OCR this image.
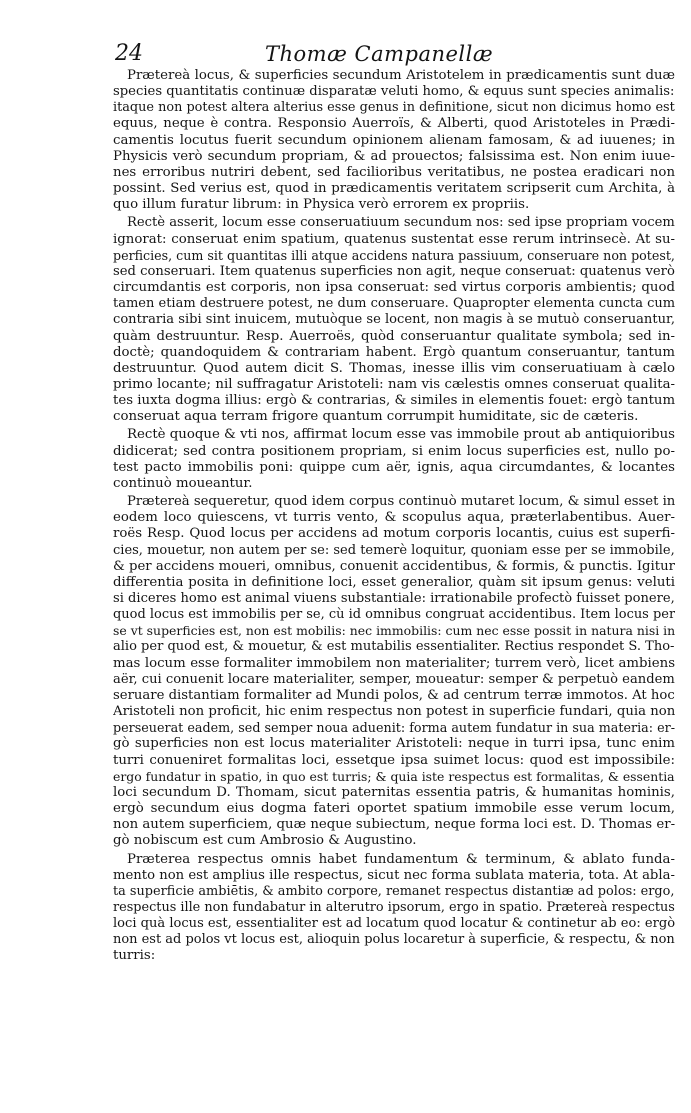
24	Thomæ Campanellæ

Prætereà locus, & superficies secundum Aristotelem in prædicamentis sunt duæ
species quantitatis continuæ disparatæ veluti homo, & equus sunt species animalis:
itaque non potest altera alterius esse genus in definitione, sicut non dicimus homo est
equus, neque è contra. Responsio Auerroïs, & Alberti, quod Aristoteles in Prædi-
camentis locutus fuerit secundum opinionem alienam famosam, & ad iuuenes; in
Physicis verò secundum propriam, & ad prouectos; falsissima est. Non enim iuue-
nes erroribus nutriri debent, sed facilioribus veritatibus, ne postea eradicari non
possint. Sed verius est, quod in prædicamentis veritatem scripserit cum Archita, à
quo illum furatur librum: in Physica verò errorem ex propriis.

Rectè asserit, locum esse conseruatiuum secundum nos: sed ipse propriam vocem
ignorat: conseruat enim spatium, quatenus sustentat esse rerum intrinsecè. At su-
perficies, cum sit quantitas illi atque accidens natura passiuum, conseruare non potest,
sed conseruari. Item quatenus superficies non agit, neque conseruat: quatenus verò
circumdantis est corporis, non ipsa conseruat: sed virtus corporis ambientis; quod
tamen etiam destruere potest, ne dum conseruare. Quapropter elementa cuncta cum
contraria sibi sint inuicem, mutuòque se locent, non magis à se mutuò conseruantur,
quàm destruuntur. Resp. Auerroës, quòd conseruantur qualitate symbola; sed in-
doctè; quandoquidem & contrariam habent. Ergò quantum conseruantur, tantum
destruuntur. Quod autem dicit S. Thomas, inesse illis vim conseruatiuam à cælo
primo locante; nil suffragatur Aristoteli: nam vis cælestis omnes conseruat qualita-
tes iuxta dogma illius: ergò & contrarias, & similes in elementis fouet: ergò tantum
conseruat aqua terram frigore quantum corrumpit humiditate, sic de cæteris.

Rectè quoque & vti nos, affirmat locum esse vas immobile prout ab antiquioribus
didicerat; sed contra positionem propriam, si enim locus superficies est, nullo po-
test pacto immobilis poni: quippe cum aër, ignis, aqua circumdantes, & locantes
continuò moueantur.

Prætereà sequeretur, quod idem corpus continuò mutaret locum, & simul esset in
eodem loco quiescens, vt turris vento, & scopulus aqua, præterlabentibus. Auer-
roës Resp. Quod locus per accidens ad motum corporis locantis, cuius est superfi-
cies, mouetur, non autem per se: sed temerè loquitur, quoniam esse per se immobile,
& per accidens moueri, omnibus, conuenit accidentibus, & formis, & punctis. Igitur
differentia posita in definitione loci, esset generalior, quàm sit ipsum genus: veluti
si diceres homo est animal viuens substantiale: irrationabile profectò fuisset ponere,
quod locus est immobilis per se, cù id omnibus congruat accidentibus. Item locus per
se vt superficies est, non est mobilis: nec immobilis: cum nec esse possit in natura nisi in
alio per quod est, & mouetur, & est mutabilis essentialiter. Rectius respondet S. Tho-
mas locum esse formaliter immobilem non materialiter; turrem verò, licet ambiens
aër, cui conuenit locare materialiter, semper, moueatur: semper & perpetuò eandem
seruare distantiam formaliter ad Mundi polos, & ad centrum terræ immotos. At hoc
Aristoteli non proficit, hic enim respectus non potest in superficie fundari, quia non
perseuerat eadem, sed semper noua aduenit: forma autem fundatur in sua materia: er-
gò superficies non est locus materialiter Aristoteli: neque in turri ipsa, tunc enim
turri conueniret formalitas loci, essetque ipsa suimet locus: quod est impossibile:
ergo fundatur in spatio, in quo est turris; & quia iste respectus est formalitas, & essentia
loci secundum D. Thomam, sicut paternitas essentia patris, & humanitas hominis,
ergò secundum eius dogma fateri oportet spatium immobile esse verum locum,
non autem superficiem, quæ neque subiectum, neque forma loci est. D. Thomas er-
gò nobiscum est cum Ambrosio & Augustino.

Præterea respectus omnis habet fundamentum & terminum, & ablato funda-
mento non est amplius ille respectus, sicut nec forma sublata materia, tota. At abla-
ta superficie ambiētis, & ambito corpore, remanet respectus distantiæ ad polos: ergo,
respectus ille non fundabatur in alterutro ipsorum, ergo in spatio. Prætereà respectus
loci quà locus est, essentialiter est ad locatum quod locatur & continetur ab eo: ergò
non est ad polos vt locus est, alioquin polus locaretur à superficie, & respectu, & non
turris:
